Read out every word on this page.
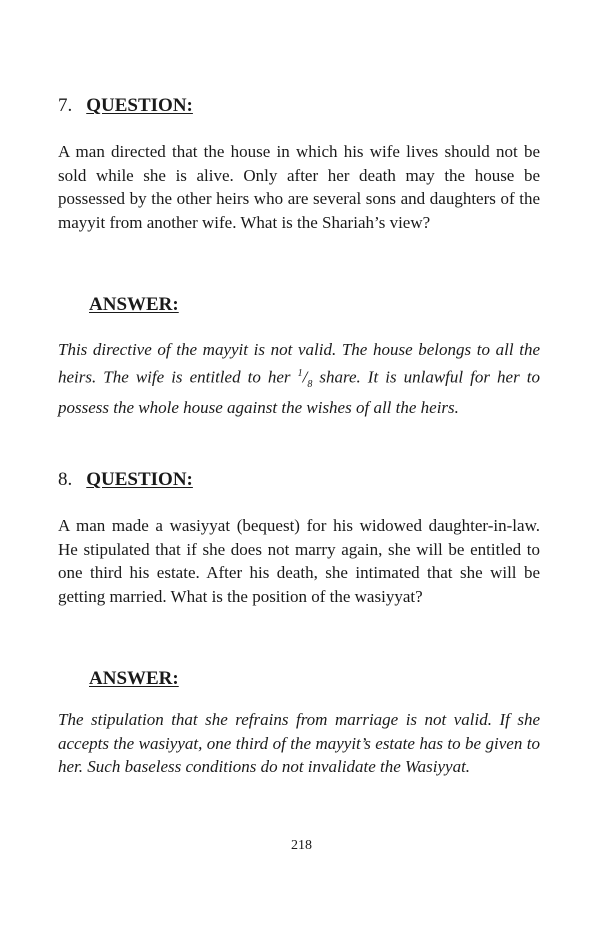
7. QUESTION:

A man directed that the house in which his wife lives should not be sold while she is alive. Only after her death may the house be possessed by the other heirs who are several sons and daughters of the mayyit from another wife. What is the Shariah’s view?

ANSWER:

This directive of the mayyit is not valid. The house belongs to all the heirs. The wife is entitled to her $^1/_8$ share. It is unlawful for her to possess the whole house against the wishes of all the heirs.

8. QUESTION:

A man made a wasiyyat (bequest) for his widowed daughter-in-law. He stipulated that if she does not marry again, she will be entitled to one third his estate. After his death, she intimated that she will be getting married. What is the position of the wasiyyat?

ANSWER:

The stipulation that she refrains from marriage is not valid. If she accepts the wasiyyat, one third of the mayyit’s estate has to be given to her. Such baseless conditions do not invalidate the Wasiyyat.

218
